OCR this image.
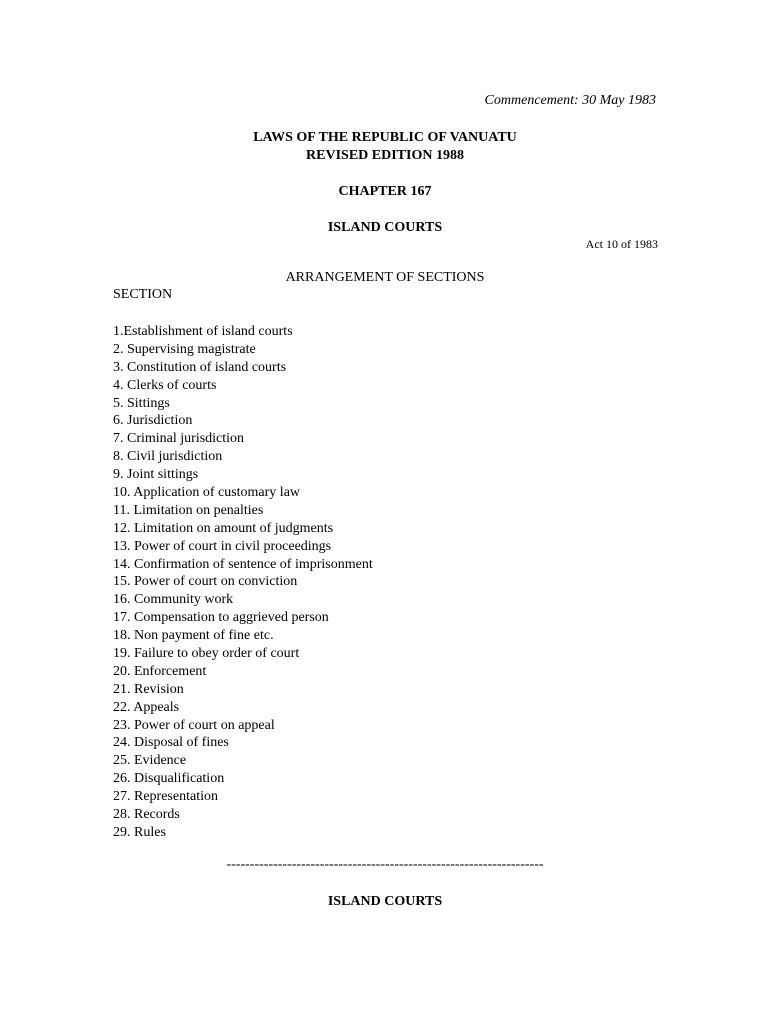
Commencement: 30 May 1983
LAWS OF THE REPUBLIC OF VANUATU
REVISED EDITION 1988
CHAPTER 167
ISLAND COURTS
Act 10 of 1983
ARRANGEMENT OF SECTIONS
SECTION
1.Establishment of island courts
2. Supervising magistrate
3. Constitution of island courts
4. Clerks of courts
5. Sittings
6. Jurisdiction
7. Criminal jurisdiction
8. Civil jurisdiction
9. Joint sittings
10. Application of customary law
11. Limitation on penalties
12. Limitation on amount of judgments
13. Power of court in civil proceedings
14. Confirmation of sentence of imprisonment
15. Power of court on conviction
16. Community work
17. Compensation to aggrieved person
18. Non payment of fine etc.
19. Failure to obey order of court
20. Enforcement
21. Revision
22. Appeals
23. Power of court on appeal
24. Disposal of fines
25. Evidence
26. Disqualification
27. Representation
28. Records
29. Rules
--------------------------------------------------------------------
ISLAND COURTS
